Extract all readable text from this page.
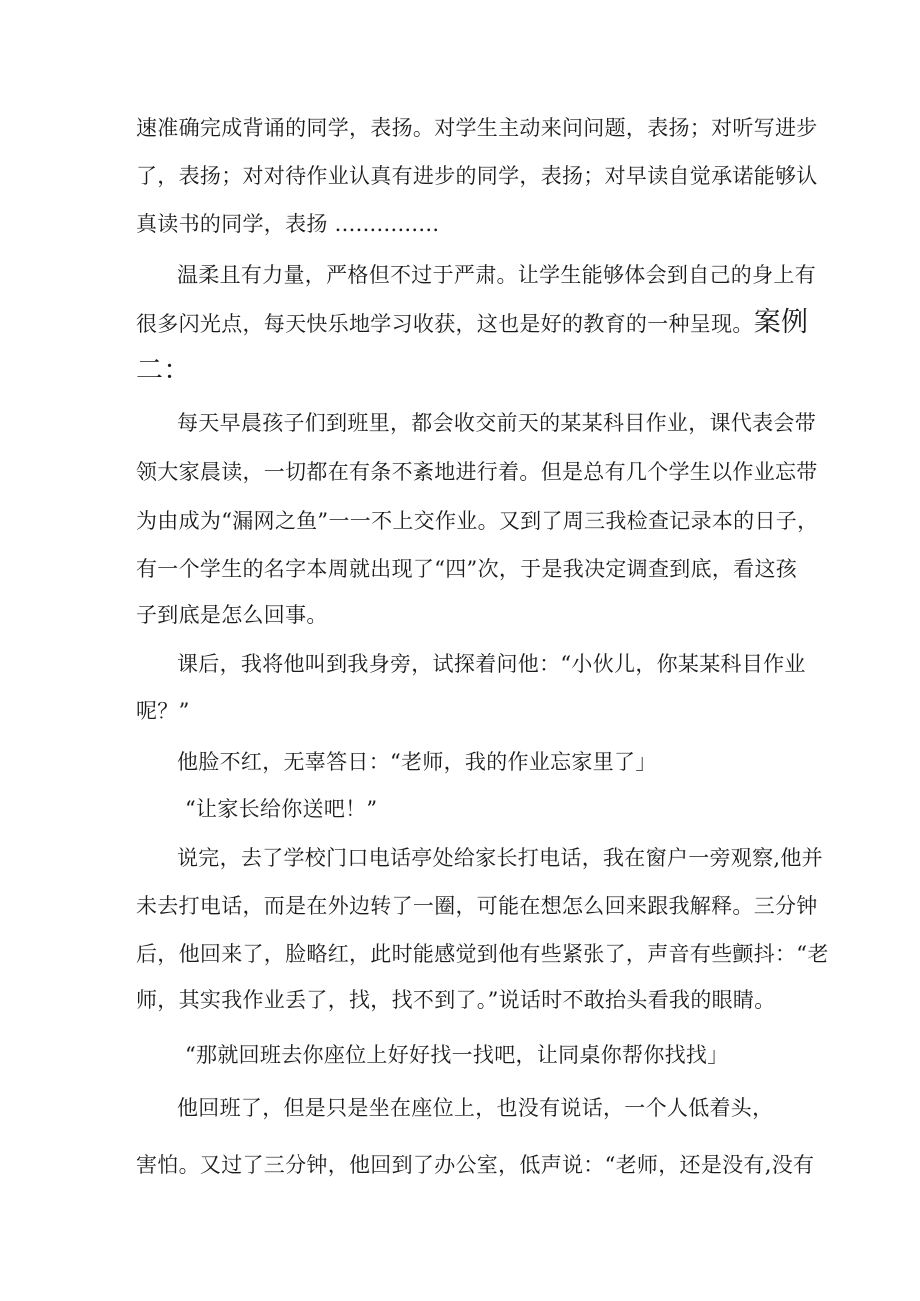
速准确完成背诵的同学，表扬。对学生主动来问问题，表扬；对听写进步
了，表扬；对对待作业认真有进步的同学，表扬；对早读自觉承诺能够认
真读书的同学，表扬 ...............
温柔且有力量，严格但不过于严肃。让学生能够体会到自己的身上有
很多闪光点，每天快乐地学习收获，这也是好的教育的一种呈现。案例
二：
每天早晨孩子们到班里，都会收交前天的某某科目作业，课代表会带
领大家晨读，一切都在有条不紊地进行着。但是总有几个学生以作业忘带
为由成为“漏网之鱼”一一不上交作业。又到了周三我检查记录本的日子，
有一个学生的名字本周就出现了“四”次，于是我决定调查到底，看这孩
子到底是怎么回事。
课后，我将他叫到我身旁，试探着问他：“小伙儿，你某某科目作业
呢？”
他脸不红，无辜答日：“老师，我的作业忘家里了」
“让家长给你送吧！”
说完，去了学校门口电话亭处给家长打电话，我在窗户一旁观察,他并
未去打电话，而是在外边转了一圈，可能在想怎么回来跟我解释。三分钟
后，他回来了，脸略红，此时能感觉到他有些紧张了，声音有些颤抖：“老
师，其实我作业丢了，找，找不到了。”说话时不敢抬头看我的眼睛。
“那就回班去你座位上好好找一找吧，让同桌你帮你找找」
他回班了，但是只是坐在座位上，也没有说话，一个人低着头，
害怕。又过了三分钟，他回到了办公室，低声说：“老师，还是没有,没有
